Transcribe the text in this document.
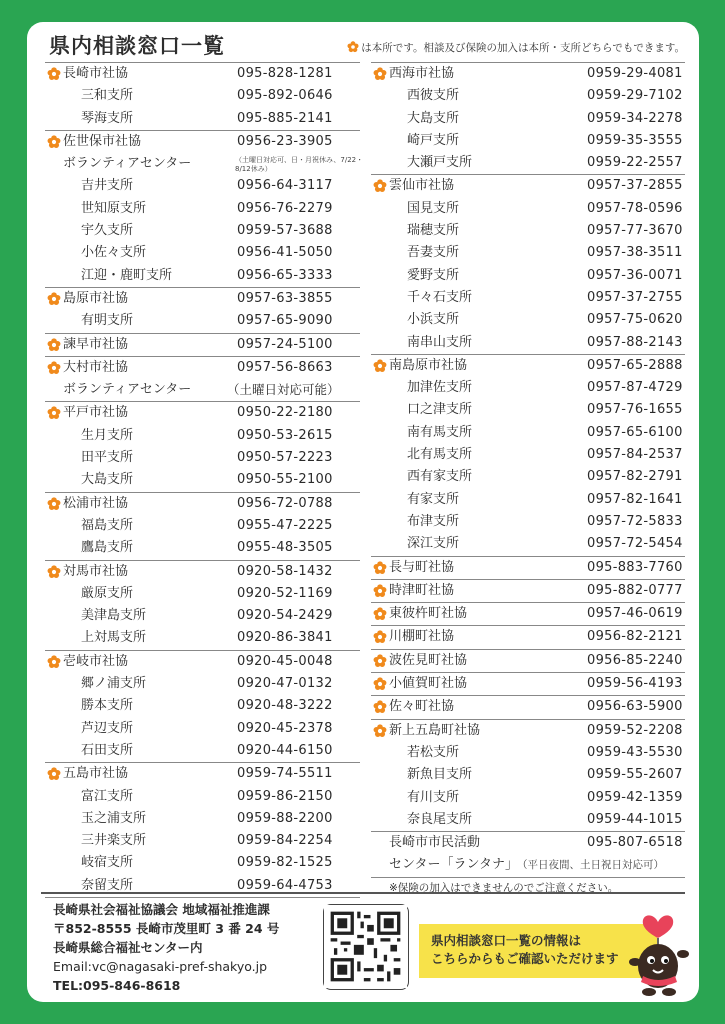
県内相談窓口一覧	は本所です。相談及び保険の加入は本所・支所どちらでもできます。
長崎市社協	095-828-1281
三和支所	095-892-0646
琴海支所	095-885-2141
佐世保市社協	0956-23-3905
ボランティアセンター	（土曜日対応可、日・月祝休み、7/22・8/12休み）
吉井支所	0956-64-3117
世知原支所	0956-76-2279
宇久支所	0959-57-3688
小佐々支所	0956-41-5050
江迎・鹿町支所	0956-65-3333
島原市社協	0957-63-3855
有明支所	0957-65-9090
諫早市社協	0957-24-5100
大村市社協	0957-56-8663
ボランティアセンター	（土曜日対応可能）
平戸市社協	0950-22-2180
生月支所	0950-53-2615
田平支所	0950-57-2223
大島支所	0950-55-2100
松浦市社協	0956-72-0788
福島支所	0955-47-2225
鷹島支所	0955-48-3505
対馬市社協	0920-58-1432
厳原支所	0920-52-1169
美津島支所	0920-54-2429
上対馬支所	0920-86-3841
壱岐市社協	0920-45-0048
郷ノ浦支所	0920-47-0132
勝本支所	0920-48-3222
芦辺支所	0920-45-2378
石田支所	0920-44-6150
五島市社協	0959-74-5511
富江支所	0959-86-2150
玉之浦支所	0959-88-2200
三井楽支所	0959-84-2254
岐宿支所	0959-82-1525
奈留支所	0959-64-4753
西海市社協	0959-29-4081
西彼支所	0959-29-7102
大島支所	0959-34-2278
崎戸支所	0959-35-3555
大瀬戸支所	0959-22-2557
雲仙市社協	0957-37-2855
国見支所	0957-78-0596
瑞穂支所	0957-77-3670
吾妻支所	0957-38-3511
愛野支所	0957-36-0071
千々石支所	0957-37-2755
小浜支所	0957-75-0620
南串山支所	0957-88-2143
南島原市社協	0957-65-2888
加津佐支所	0957-87-4729
口之津支所	0957-76-1655
南有馬支所	0957-65-6100
北有馬支所	0957-84-2537
西有家支所	0957-82-2791
有家支所	0957-82-1641
布津支所	0957-72-5833
深江支所	0957-72-5454
長与町社協	095-883-7760
時津町社協	095-882-0777
東彼杵町社協	0957-46-0619
川棚町社協	0956-82-2121
波佐見町社協	0956-85-2240
小値賀町社協	0959-56-4193
佐々町社協	0956-63-5900
新上五島町社協	0959-52-2208
若松支所	0959-43-5530
新魚目支所	0959-55-2607
有川支所	0959-42-1359
奈良尾支所	0959-44-1015
長崎市市民活動	095-807-6518
センター「ランタナ」 （平日夜間、土日祝日対応可）
※保険の加入はできませんのでご注意ください。
長崎県社会福祉協議会 地域福祉推進課
〒852-8555 長崎市茂里町 3 番 24 号
長崎県総合福祉センター内
Email:vc@nagasaki-pref-shakyo.jp
TEL:095-846-8618
県内相談窓口一覧の情報は
こちらからもご確認いただけます
